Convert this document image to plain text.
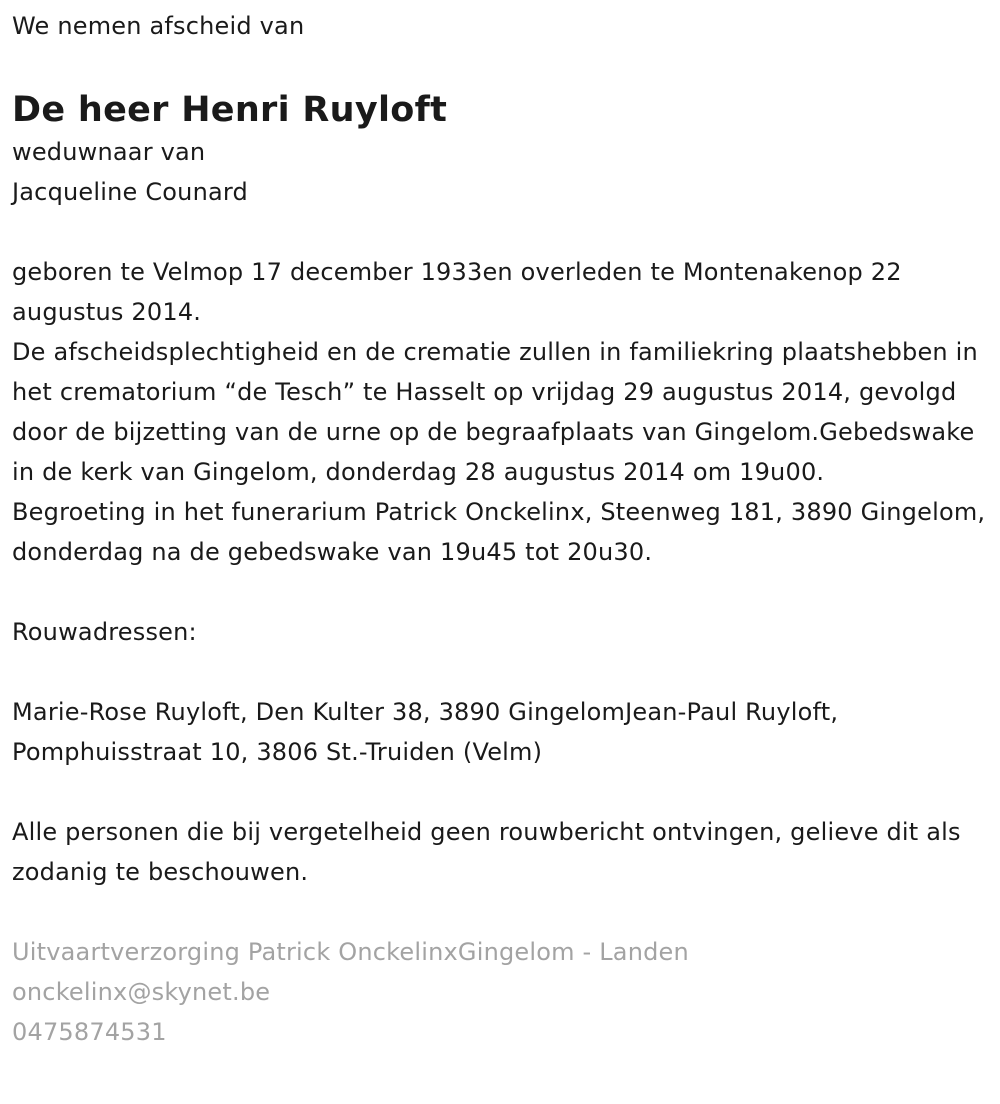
We nemen afscheid van

De heer Henri Ruyloft

weduwnaar van

Jacqueline Counard

geboren te Velmop 17 december 1933en overleden te Montenakenop 22 augustus 2014.

De afscheidsplechtigheid en de crematie zullen in familiekring plaatshebben in het crematorium “de Tesch” te Hasselt op vrijdag 29 augustus 2014, gevolgd door de bijzetting van de urne op de begraafplaats van Gingelom.Gebedswake in de kerk van Gingelom, donderdag 28 augustus 2014 om 19u00.

Begroeting in het funerarium Patrick Onckelinx, Steenweg 181, 3890 Gingelom, donderdag na de gebedswake van 19u45 tot 20u30.

Rouwadressen:

Marie-Rose Ruyloft, Den Kulter 38, 3890 GingelomJean-Paul Ruyloft, Pomphuisstraat 10, 3806 St.-Truiden (Velm)

Alle personen die bij vergetelheid geen rouwbericht ontvingen, gelieve dit als zodanig te beschouwen.

Uitvaartverzorging Patrick OnckelinxGingelom - Landen

onckelinx@skynet.be

0475874531
